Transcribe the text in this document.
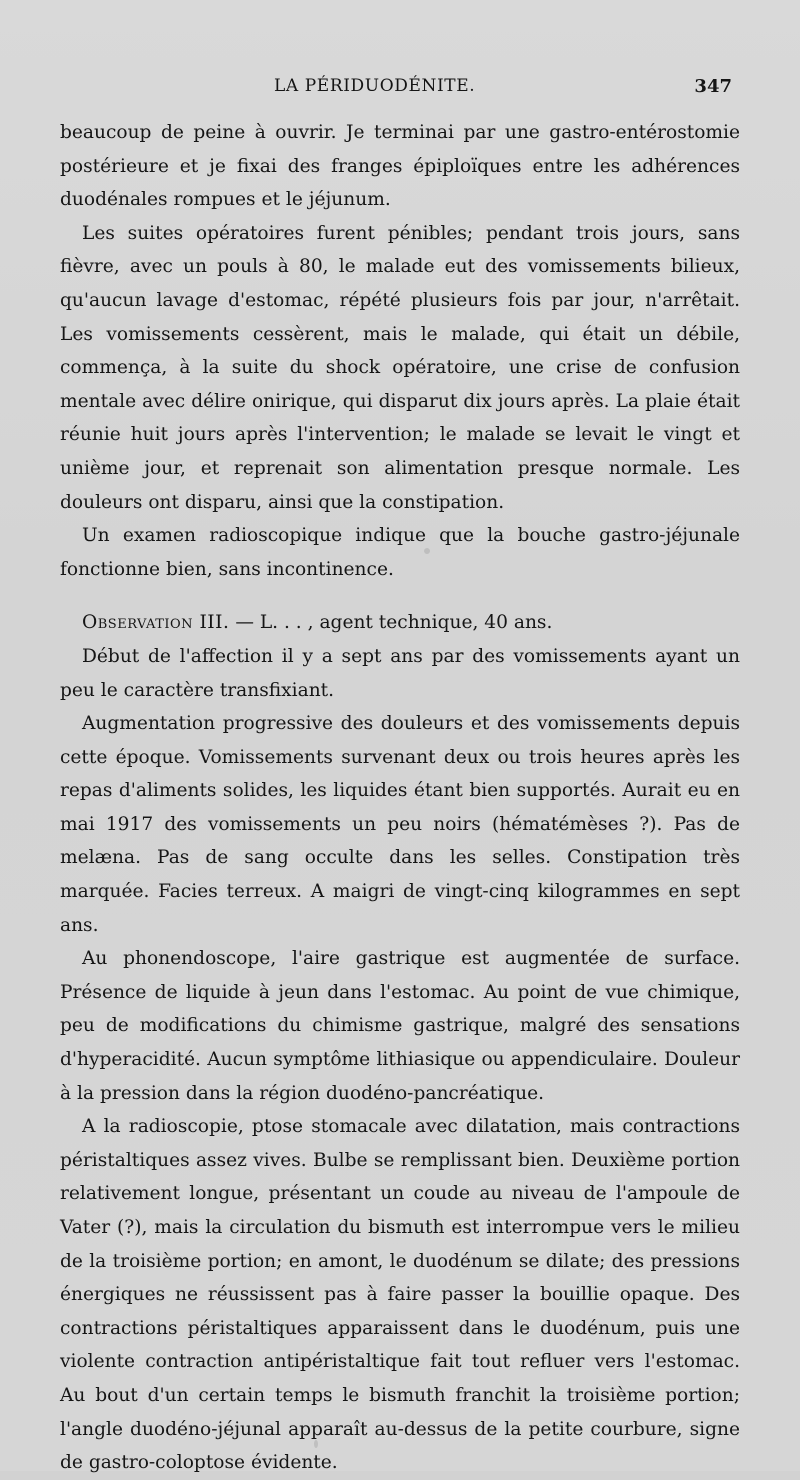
LA PÉRIDUODÉNITE.	347

beaucoup de peine à ouvrir. Je terminai par une gastro-entérostomie postérieure et je fixai des franges épiploïques entre les adhérences duodénales rompues et le jéjunum.

Les suites opératoires furent pénibles; pendant trois jours, sans fièvre, avec un pouls à 80, le malade eut des vomissements bilieux, qu'aucun lavage d'estomac, répété plusieurs fois par jour, n'arrêtait. Les vomissements cessèrent, mais le malade, qui était un débile, commença, à la suite du shock opératoire, une crise de confusion mentale avec délire onirique, qui disparut dix jours après. La plaie était réunie huit jours après l'intervention; le malade se levait le vingt et unième jour, et reprenait son alimentation presque normale. Les douleurs ont disparu, ainsi que la constipation.

Un examen radioscopique indique que la bouche gastro-jéjunale fonctionne bien, sans incontinence.

Observation III. — L. . . , agent technique, 40 ans.

Début de l'affection il y a sept ans par des vomissements ayant un peu le caractère transfixiant.

Augmentation progressive des douleurs et des vomissements depuis cette époque. Vomissements survenant deux ou trois heures après les repas d'aliments solides, les liquides étant bien supportés. Aurait eu en mai 1917 des vomissements un peu noirs (hématémèses ?). Pas de melæna. Pas de sang occulte dans les selles. Constipation très marquée. Facies terreux. A maigri de vingt-cinq kilogrammes en sept ans.

Au phonendoscope, l'aire gastrique est augmentée de surface. Présence de liquide à jeun dans l'estomac. Au point de vue chimique, peu de modifications du chimisme gastrique, malgré des sensations d'hyperacidité. Aucun symptôme lithiasique ou appendiculaire. Douleur à la pression dans la région duodéno-pancréatique.

A la radioscopie, ptose stomacale avec dilatation, mais contractions péristaltiques assez vives. Bulbe se remplissant bien. Deuxième portion relativement longue, présentant un coude au niveau de l'ampoule de Vater (?), mais la circulation du bismuth est interrompue vers le milieu de la troisième portion; en amont, le duodénum se dilate; des pressions énergiques ne réussissent pas à faire passer la bouillie opaque. Des contractions péristaltiques apparaissent dans le duodénum, puis une violente contraction antipéristaltique fait tout refluer vers l'estomac. Au bout d'un certain temps le bismuth franchit la troisième portion; l'angle duodéno-jéjunal apparaît au-dessus de la petite courbure, signe de gastro-coloptose évidente.
